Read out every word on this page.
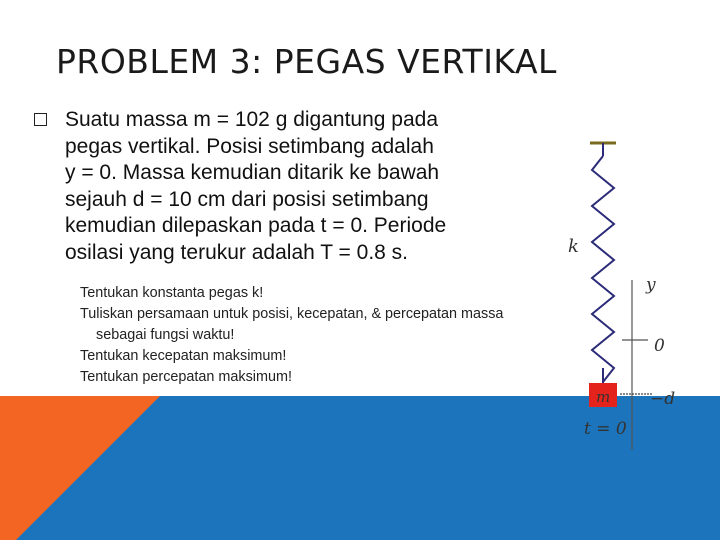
PROBLEM 3: PEGAS VERTIKAL
Suatu massa m = 102 g digantung pada
pegas vertikal. Posisi setimbang adalah
y = 0. Massa kemudian ditarik ke bawah
sejauh d = 10 cm dari posisi setimbang
kemudian dilepaskan pada t = 0. Periode
osilasi yang terukur adalah T = 0.8 s.
Tentukan konstanta pegas k!
Tuliskan persamaan untuk posisi, kecepatan, & percepatan massa
sebagai fungsi waktu!
Tentukan kecepatan maksimum!
Tentukan percepatan maksimum!
k
y
0
−d
m
t = 0
